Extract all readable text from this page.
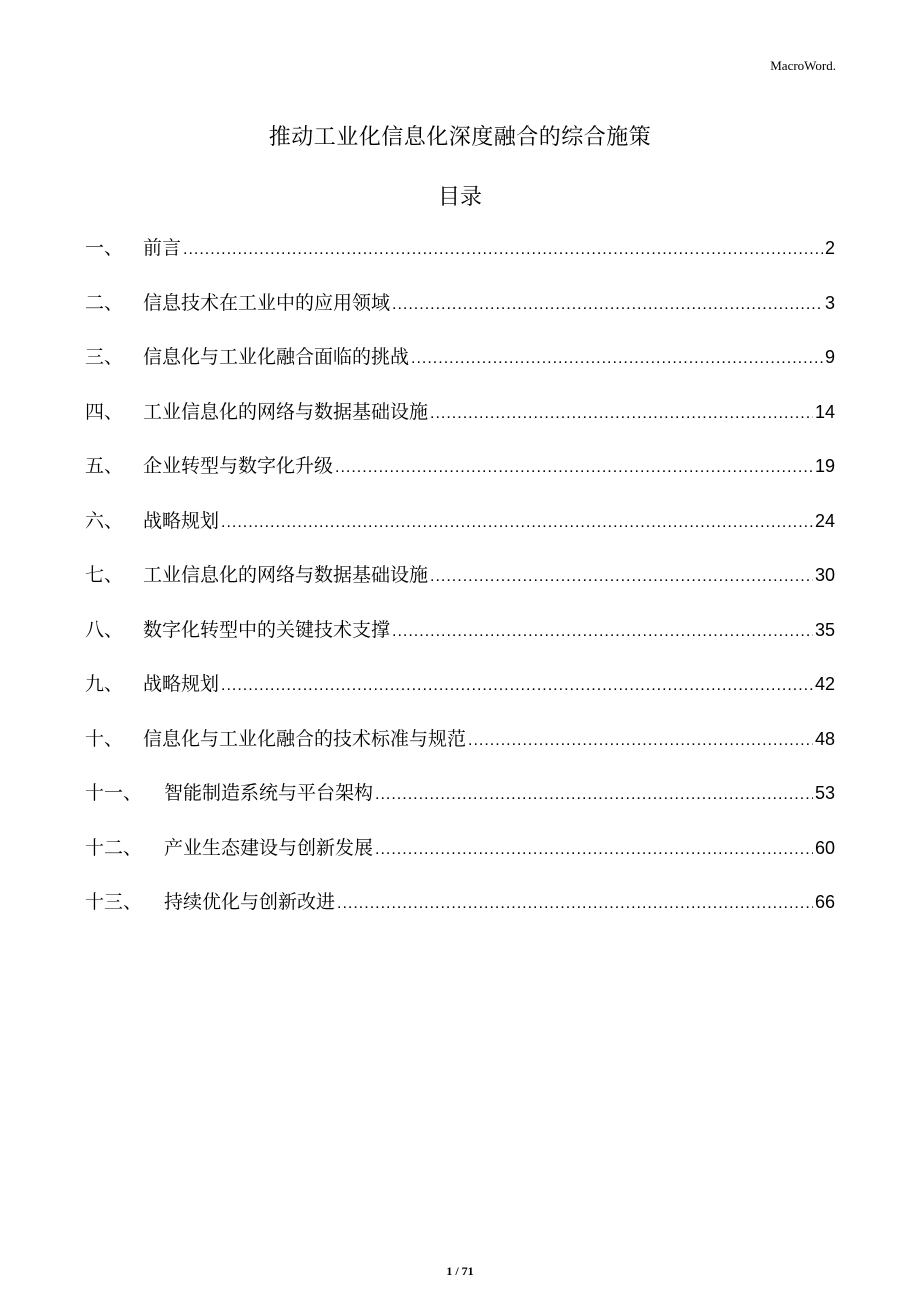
MacroWord.
推动工业化信息化深度融合的综合施策
目录
一、	前言 .....	2
二、	信息技术在工业中的应用领域 .....	3
三、	信息化与工业化融合面临的挑战 .....	9
四、	工业信息化的网络与数据基础设施 .....	14
五、	企业转型与数字化升级 .....	19
六、	战略规划 .....	24
七、	工业信息化的网络与数据基础设施 .....	30
八、	数字化转型中的关键技术支撑 .....	35
九、	战略规划 .....	42
十、	信息化与工业化融合的技术标准与规范 .....	48
十一、	智能制造系统与平台架构 .....	53
十二、	产业生态建设与创新发展 .....	60
十三、	持续优化与创新改进 .....	66
1 / 71
